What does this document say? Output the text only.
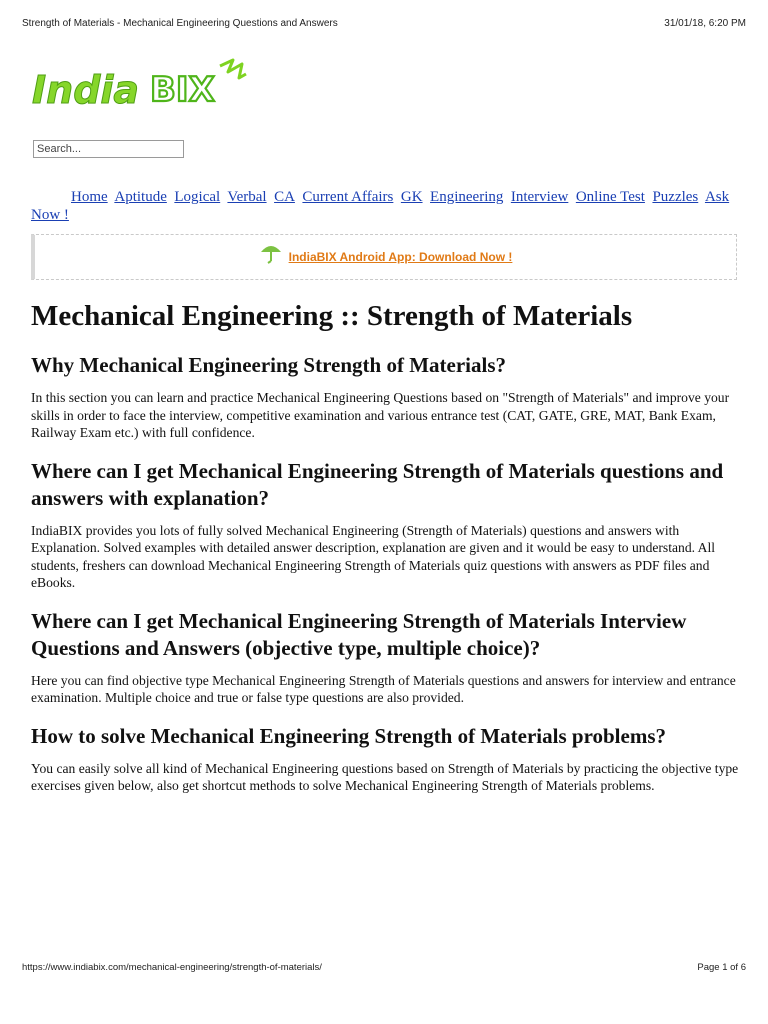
Strength of Materials - Mechanical Engineering Questions and Answers	31/01/18, 6:20 PM
India BIX
Search...
Home Aptitude Logical Verbal CA Current Affairs GK Engineering Interview Online Test Puzzles Ask Now !
IndiaBIX Android App: Download Now !
Mechanical Engineering :: Strength of Materials
Why Mechanical Engineering Strength of Materials?

In this section you can learn and practice Mechanical Engineering Questions based on "Strength of Materials" and improve your skills in order to face the interview, competitive examination and various entrance test (CAT, GATE, GRE, MAT, Bank Exam, Railway Exam etc.) with full confidence.

Where can I get Mechanical Engineering Strength of Materials questions and answers with explanation?

IndiaBIX provides you lots of fully solved Mechanical Engineering (Strength of Materials) questions and answers with Explanation. Solved examples with detailed answer description, explanation are given and it would be easy to understand. All students, freshers can download Mechanical Engineering Strength of Materials quiz questions with answers as PDF files and eBooks.

Where can I get Mechanical Engineering Strength of Materials Interview Questions and Answers (objective type, multiple choice)?

Here you can find objective type Mechanical Engineering Strength of Materials questions and answers for interview and entrance examination. Multiple choice and true or false type questions are also provided.

How to solve Mechanical Engineering Strength of Materials problems?

You can easily solve all kind of Mechanical Engineering questions based on Strength of Materials by practicing the objective type exercises given below, also get shortcut methods to solve Mechanical Engineering Strength of Materials problems.

https://www.indiabix.com/mechanical-engineering/strength-of-materials/	Page 1 of 6
